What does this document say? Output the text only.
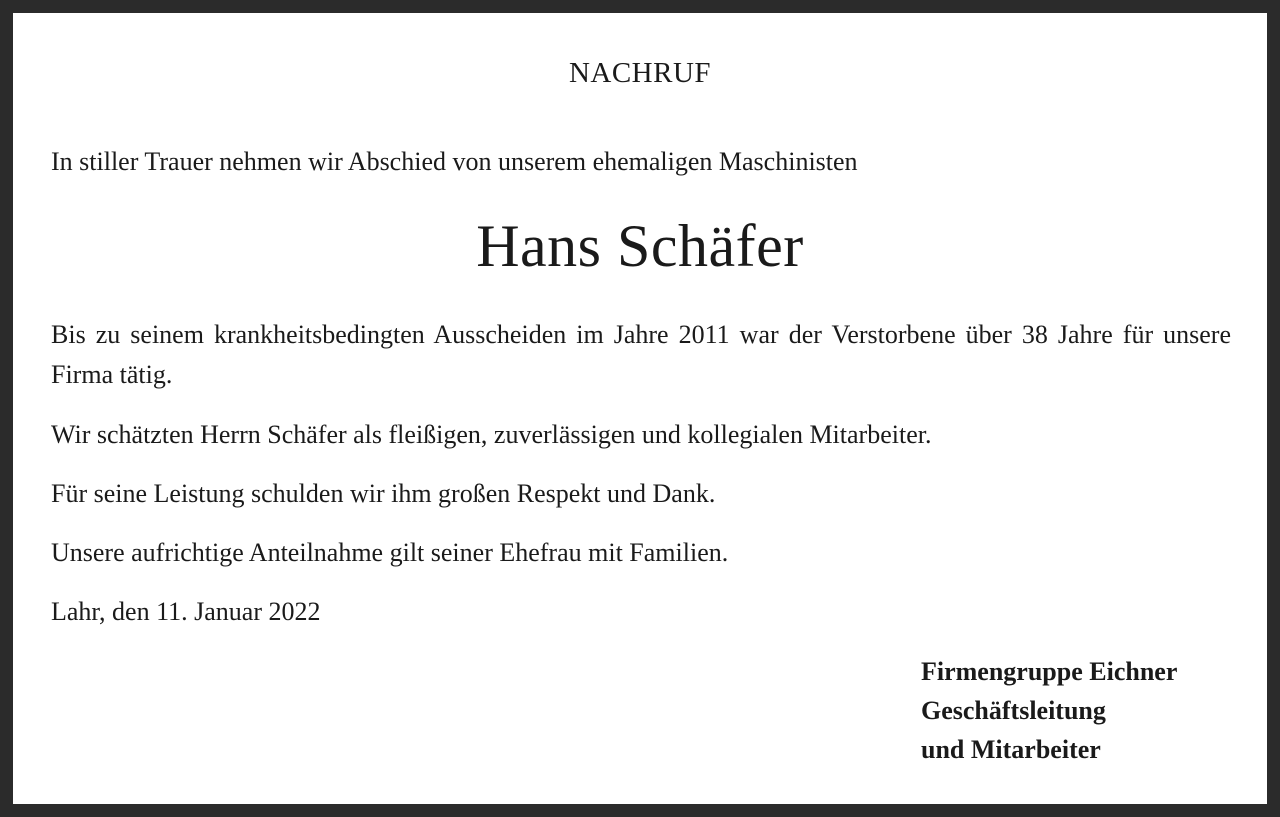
NACHRUF
In stiller Trauer nehmen wir Abschied von unserem ehemaligen Maschinisten
Hans Schäfer
Bis zu seinem krankheitsbedingten Ausscheiden im Jahre 2011 war der Verstorbene über 38 Jahre für unsere Firma tätig.
Wir schätzten Herrn Schäfer als fleißigen, zuverlässigen und kollegialen Mitarbeiter.
Für seine Leistung schulden wir ihm großen Respekt und Dank.
Unsere aufrichtige Anteilnahme gilt seiner Ehefrau mit Familien.
Lahr, den 11. Januar 2022
Firmengruppe Eichner
Geschäftsleitung
und Mitarbeiter
